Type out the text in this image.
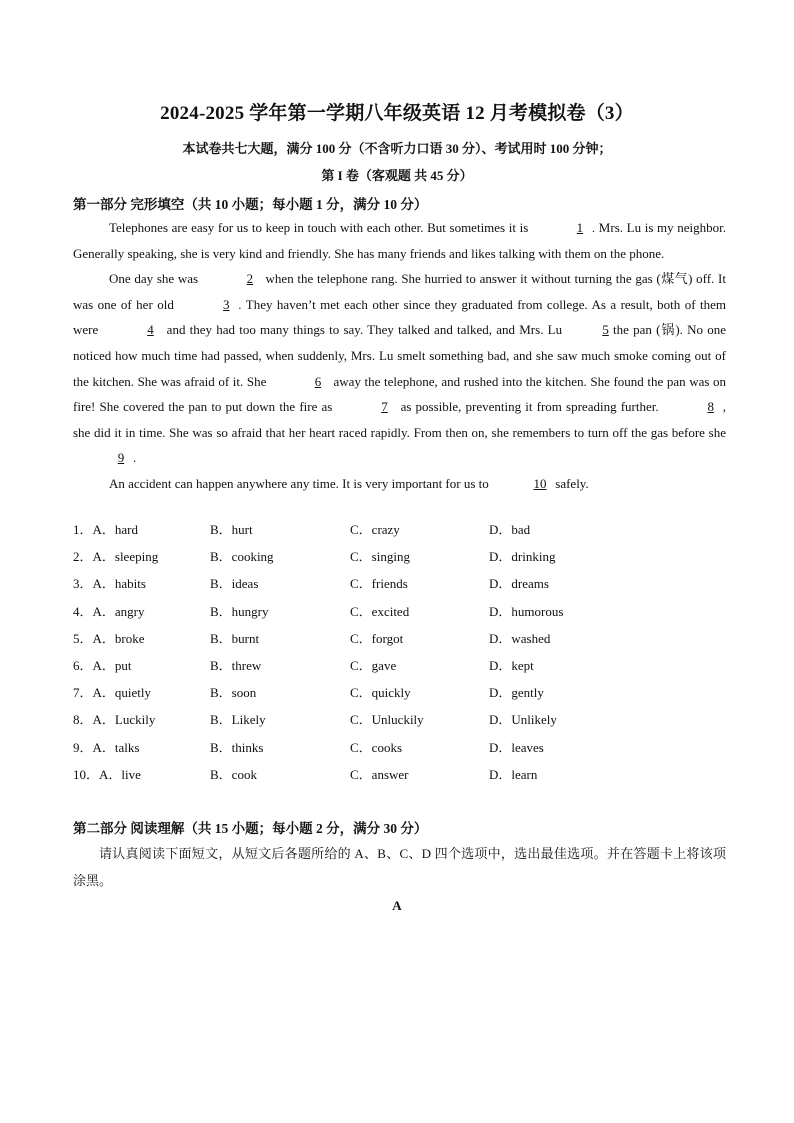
2024-2025 学年第一学期八年级英语 12 月考模拟卷（3）
本试卷共七大题，满分 100 分（不含听力口语 30 分）、考试用时 100 分钟；
第 I 卷（客观题 共 45 分）
第一部分 完形填空（共 10 小题；每小题 1 分，满分 10 分）

Telephones are easy for us to keep in touch with each other. But sometimes it is	1 . Mrs. Lu is my neighbor. Generally speaking, she is very kind and friendly. She has many friends and likes talking with them on the phone.

One day she was	2 when the telephone rang. She hurried to answer it without turning the gas (煤气) off. It was one of her old	3 . They haven’t met each other since they graduated from college. As a result, both of them were	4 and they had too many things to say. They talked and talked, and Mrs. Lu	5 the pan (锅). No one noticed how much time had passed, when suddenly, Mrs. Lu smelt something bad, and she saw much smoke coming out of the kitchen. She was afraid of it. She	6 away the telephone, and rushed into the kitchen. She found the pan was on fire! She covered the pan to put down the fire as	7 as possible, preventing it from spreading further.	8 , she did it in time. She was so afraid that her heart raced rapidly. From then on, she remembers to turn off the gas before she 9 .

An accident can happen anywhere any time. It is very important for us to	10 safely.

1．A．hard	B．hurt	C．crazy	D．bad
2．A．sleeping	B．cooking	C．singing	D．drinking
3．A．habits	B．ideas	C．friends	D．dreams
4．A．angry	B．hungry	C．excited	D．humorous
5．A．broke	B．burnt	C．forgot	D．washed
6．A．put	B．threw	C．gave	D．kept
7．A．quietly	B．soon	C．quickly	D．gently
8．A．Luckily	B．Likely	C．Unluckily	D．Unlikely
9．A．talks	B．thinks	C．cooks	D．leaves
10．A．live	B．cook	C．answer	D．learn
第二部分 阅读理解（共 15 小题；每小题 2 分，满分 30 分）
请认真阅读下面短文，从短文后各题所给的 A、B、C、D 四个选项中，选出最佳选项。并在答题卡上将该项涂黑。
A
